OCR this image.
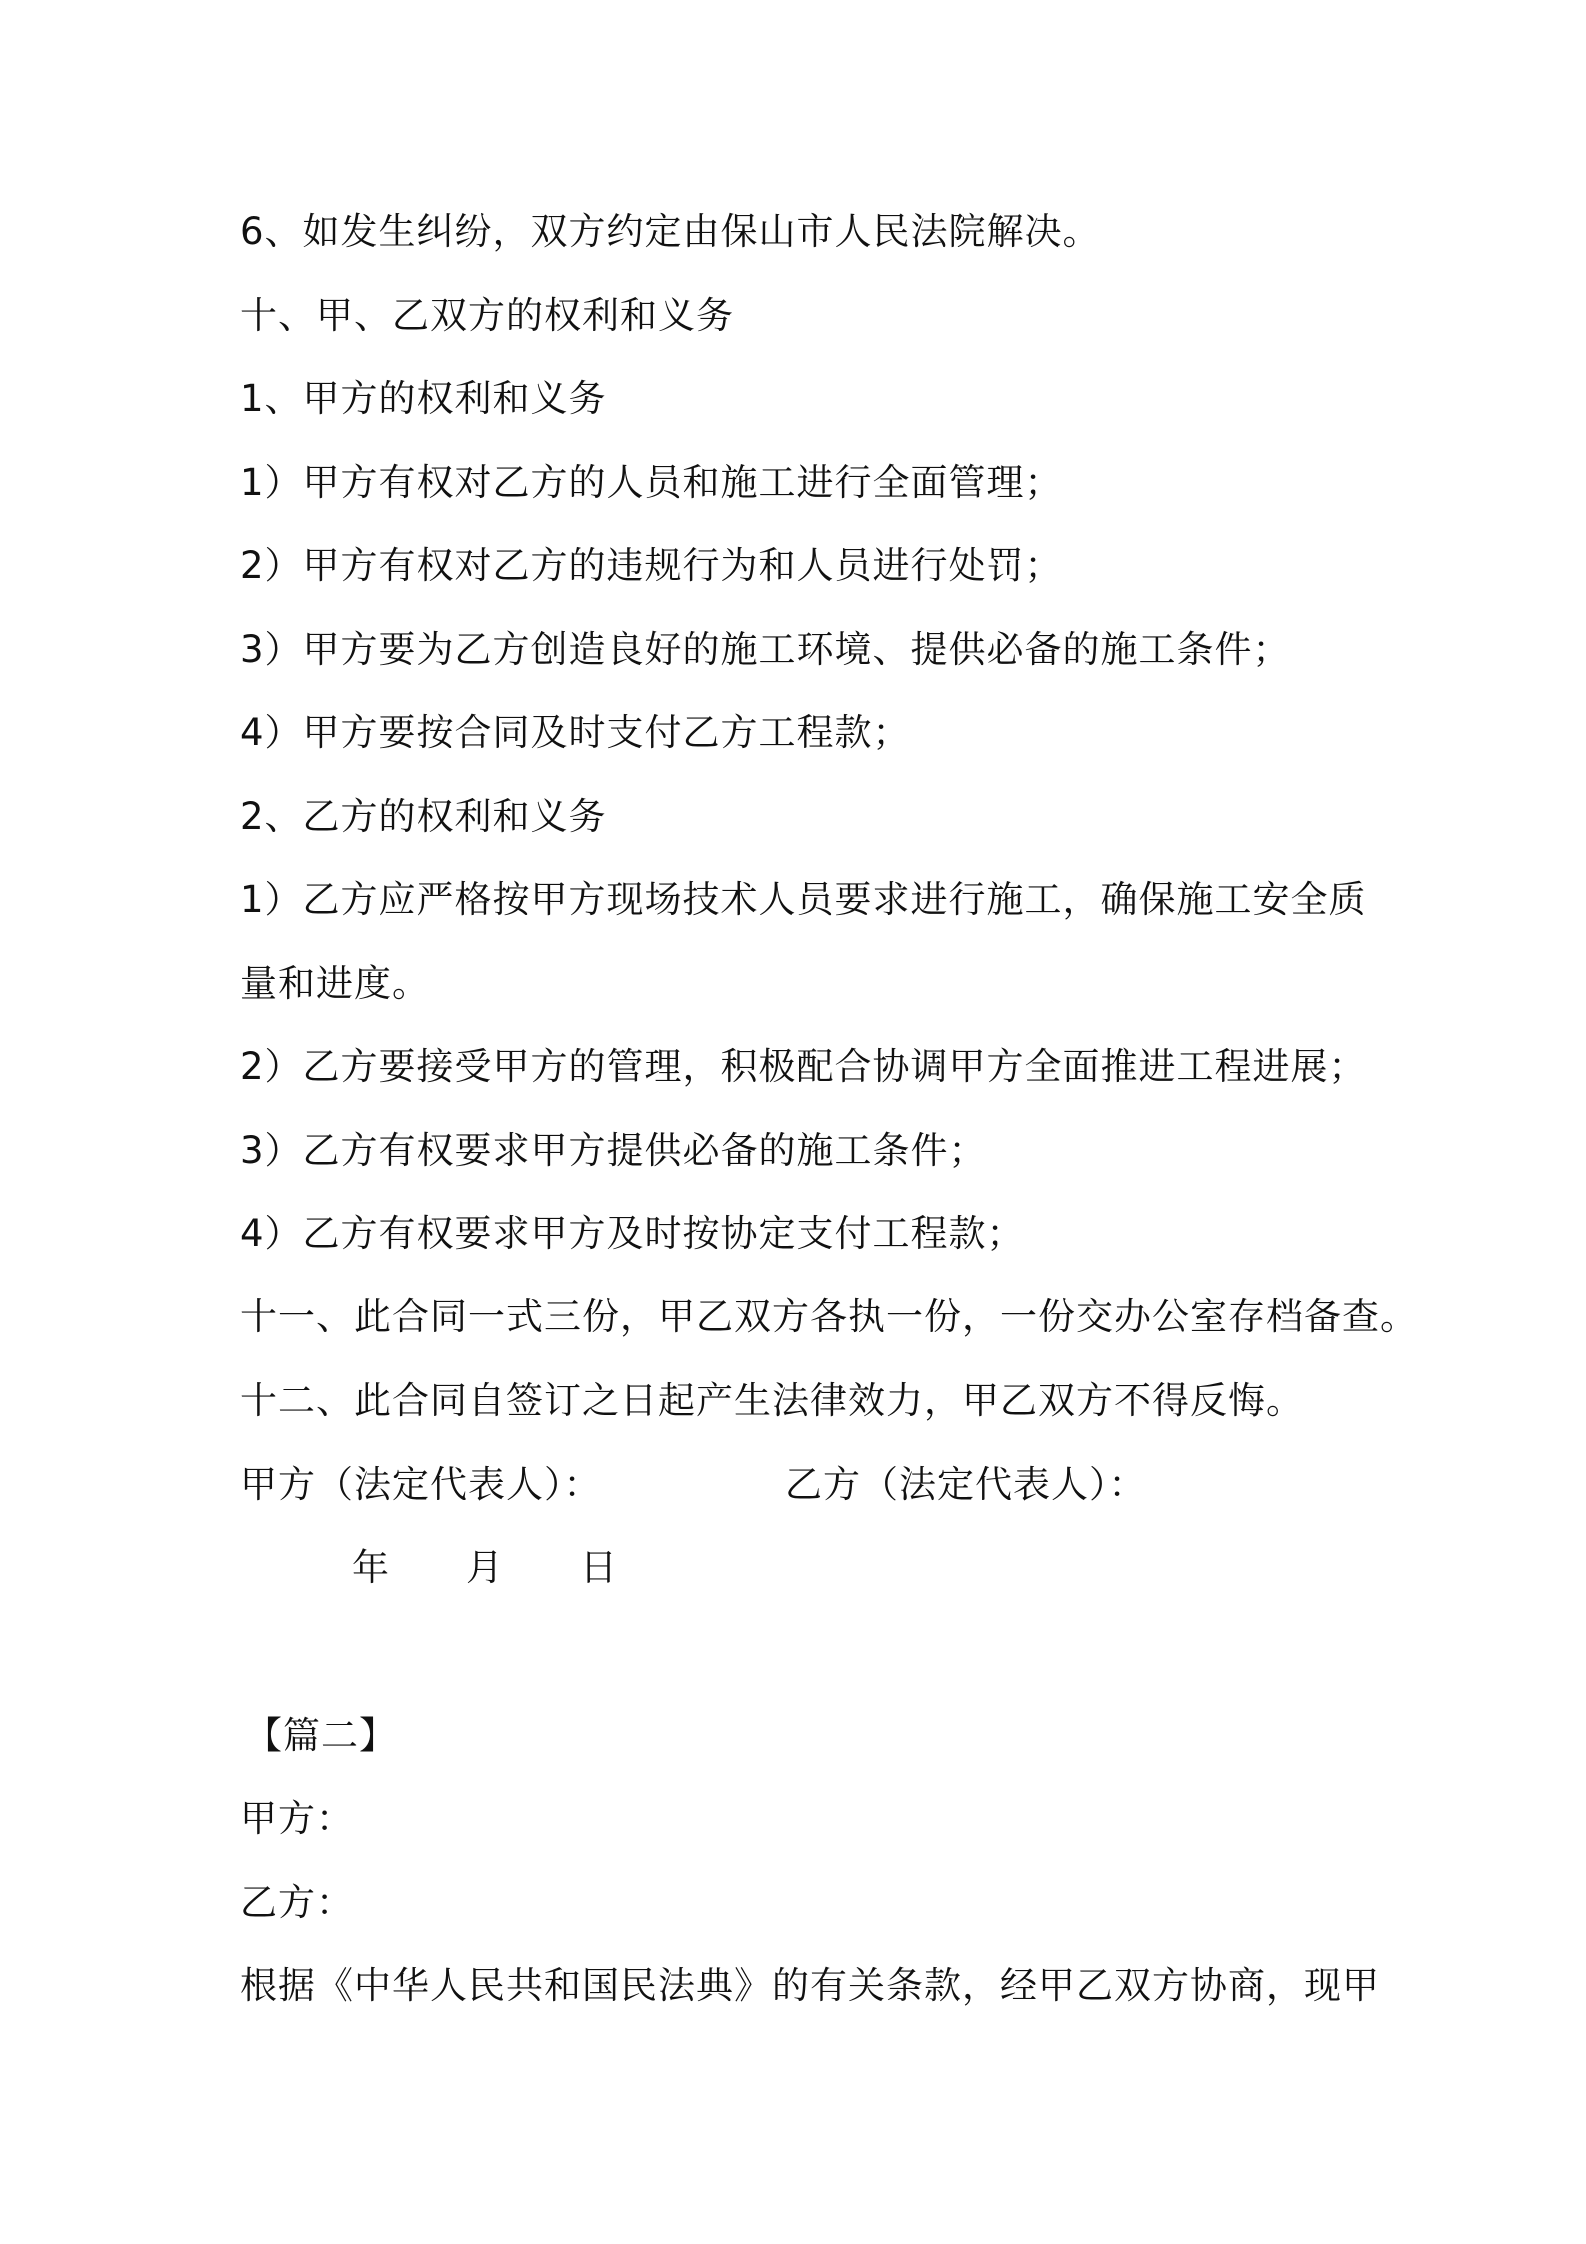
6、如发生纠纷，双方约定由保山市人民法院解决。
十、甲、乙双方的权利和义务
1、甲方的权利和义务
1）甲方有权对乙方的人员和施工进行全面管理；
2）甲方有权对乙方的违规行为和人员进行处罚；
3）甲方要为乙方创造良好的施工环境、提供必备的施工条件；
4）甲方要按合同及时支付乙方工程款；
2、乙方的权利和义务
1）乙方应严格按甲方现场技术人员要求进行施工，确保施工安全质
量和进度。
2）乙方要接受甲方的管理，积极配合协调甲方全面推进工程进展；
3）乙方有权要求甲方提供必备的施工条件；
4）乙方有权要求甲方及时按协定支付工程款；
十一、此合同一式三份，甲乙双方各执一份，一份交办公室存档备查。
十二、此合同自签订之日起产生法律效力，甲乙双方不得反悔。
甲方（法定代表人）：	乙方（法定代表人）：
年 月 日
【篇二】
甲方：
乙方：
根据《中华人民共和国民法典》的有关条款，经甲乙双方协商，现甲
